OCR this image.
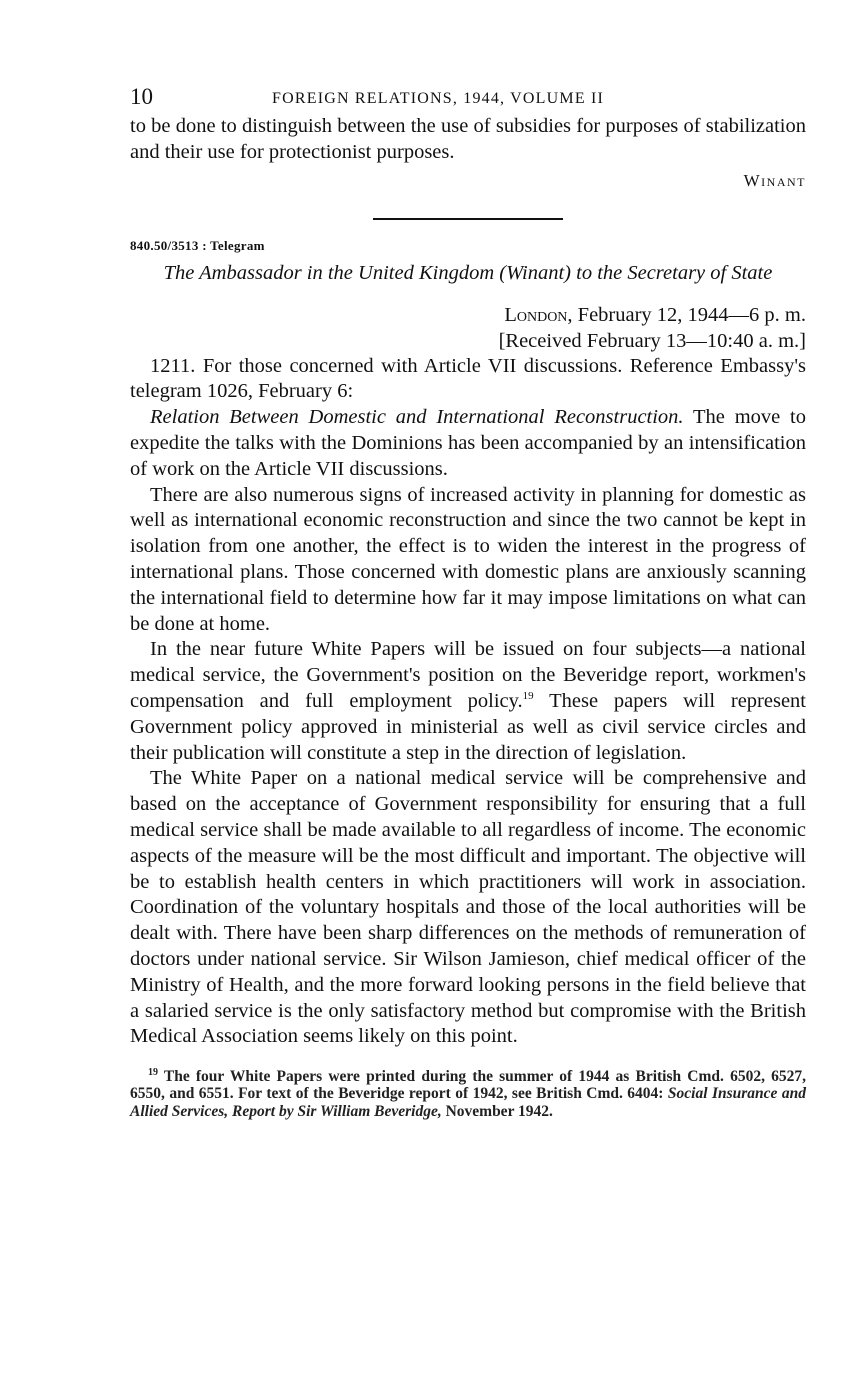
10	FOREIGN RELATIONS, 1944, VOLUME II

to be done to distinguish between the use of subsidies for purposes of stabilization and their use for protectionist purposes.

Winant
840.50/3513 : Telegram

The Ambassador in the United Kingdom (Winant) to the Secretary of State

London, February 12, 1944—6 p. m.
[Received February 13—10:40 a. m.]

1211. For those concerned with Article VII discussions. Reference Embassy's telegram 1026, February 6:

Relation Between Domestic and International Reconstruction. The move to expedite the talks with the Dominions has been accompanied by an intensification of work on the Article VII discussions.

There are also numerous signs of increased activity in planning for domestic as well as international economic reconstruction and since the two cannot be kept in isolation from one another, the effect is to widen the interest in the progress of international plans. Those concerned with domestic plans are anxiously scanning the international field to determine how far it may impose limitations on what can be done at home.

In the near future White Papers will be issued on four subjects—a national medical service, the Government's position on the Beveridge report, workmen's compensation and full employment policy.$^{19}$ These papers will represent Government policy approved in ministerial as well as civil service circles and their publication will constitute a step in the direction of legislation.

The White Paper on a national medical service will be comprehensive and based on the acceptance of Government responsibility for ensuring that a full medical service shall be made available to all regardless of income. The economic aspects of the measure will be the most difficult and important. The objective will be to establish health centers in which practitioners will work in association. Coordination of the voluntary hospitals and those of the local authorities will be dealt with. There have been sharp differences on the methods of remuneration of doctors under national service. Sir Wilson Jamieson, chief medical officer of the Ministry of Health, and the more forward looking persons in the field believe that a salaried service is the only satisfactory method but compromise with the British Medical Association seems likely on this point.

$^{19}$ The four White Papers were printed during the summer of 1944 as British Cmd. 6502, 6527, 6550, and 6551. For text of the Beveridge report of 1942, see British Cmd. 6404: Social Insurance and Allied Services, Report by Sir William Beveridge, November 1942.
